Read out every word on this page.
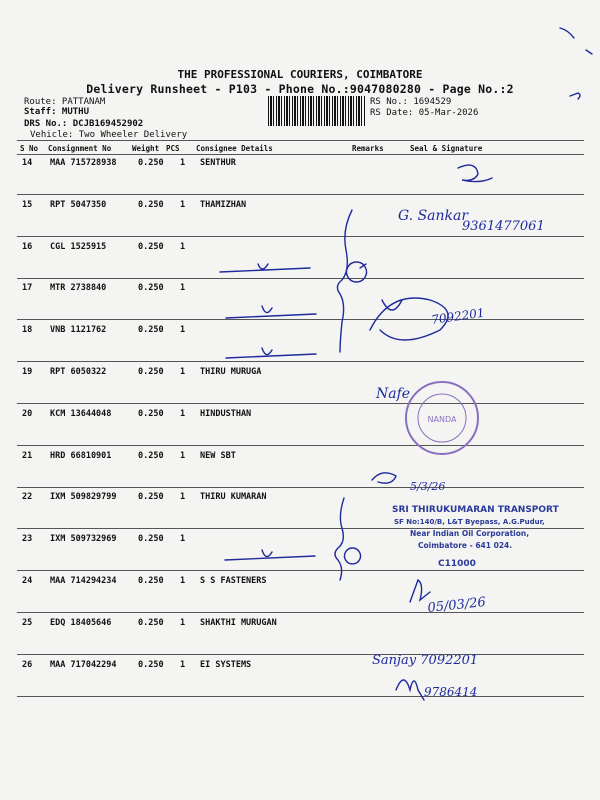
THE PROFESSIONAL COURIERS, COIMBATORE
Delivery Runsheet - P103 - Phone No.:9047080280 - Page No.:2
Route: PATTANAM
Staff: MUTHU
DRS No.: DCJB169452902
Vehicle: Two Wheeler Delivery
RS No.: 1694529
RS Date: 05-Mar-2026
S No Consignment No	Weight PCS Consignee Details	Remarks	Seal & Signature
14 MAA 715728938	0.250 1 SENTHUR
15 RPT 5047350	0.250 1 THAMIZHAN
16 CGL 1525915	0.250 1
17 MTR 2738840	0.250 1
18 VNB 1121762	0.250 1
19 RPT 6050322	0.250 1 THIRU MURUGA
20 KCM 13644048	0.250 1 HINDUSTHAN
21 HRD 66810901	0.250 1 NEW SBT
22 IXM 509829799	0.250 1 THIRU KUMARAN
23 IXM 509732969	0.250 1
24 MAA 714294234	0.250 1 S S FASTENERS
25 EDQ 18405646	0.250 1 SHAKTHI MURUGAN
26 MAA 717042294	0.250 1 EI SYSTEMS
G. Sankar
9361477061
7092201
Nafe
5/3/26
05/03/26
Sanjay 7092201
9786414
NANDA
SRI THIRUKUMARAN TRANSPORT
SF No:140/B, L&T Byepass, A.G.Pudur,
Near Indian Oil Corporation,
Coimbatore - 641 024.
C11000
